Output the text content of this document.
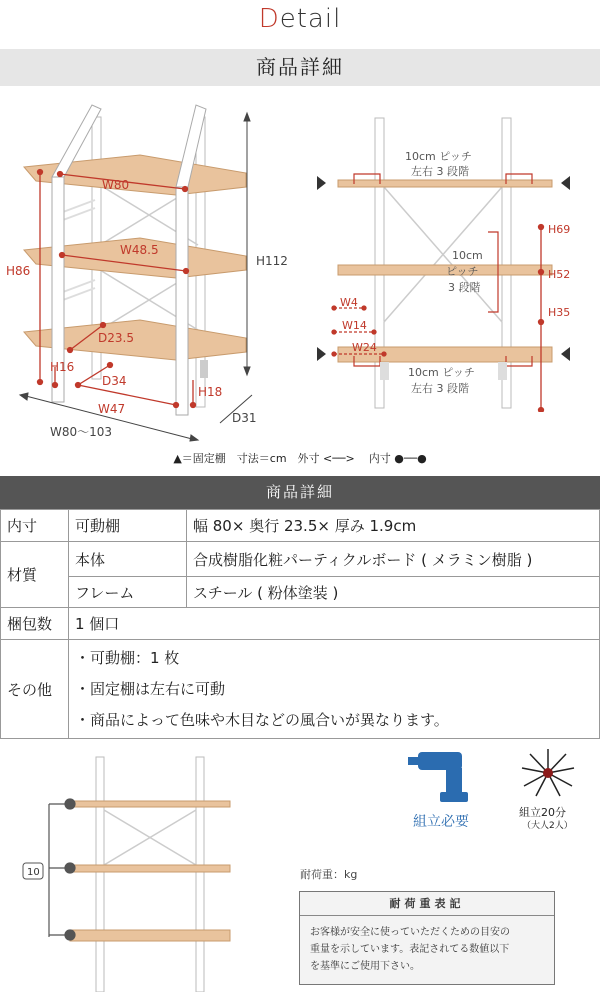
Detail
商品詳細
W80
W48.5
D23.5
D34
W47
H16
H18
H86
H112
D31
W80〜103
10cm ピッチ
左右 3 段階
10cm
ピッチ
3 段階
10cm ピッチ
左右 3 段階
H69
H52
H35
W4
W14
W24
▲＝固定棚　寸法＝cm　外寸 <──> 内寸 ●──●
商品詳細
内寸	可動棚	幅 80× 奥行 23.5× 厚み 1.9cm
材質	本体	合成樹脂化粧パーティクルボード ( メラミン樹脂 )
	フレーム	スチール ( 粉体塗装 )
梱包数	1 個口	
その他	・可動棚：1 枚
・固定棚は左右に可動
・商品によって色味や木目などの風合いが異なります。	
10
組立必要
組立20分
（大人2人）
耐荷重：kg
耐荷重表記
お客様が安全に使っていただくための目安の
重量を示しています。表記されてる数値以下
を基準にご使用下さい。
